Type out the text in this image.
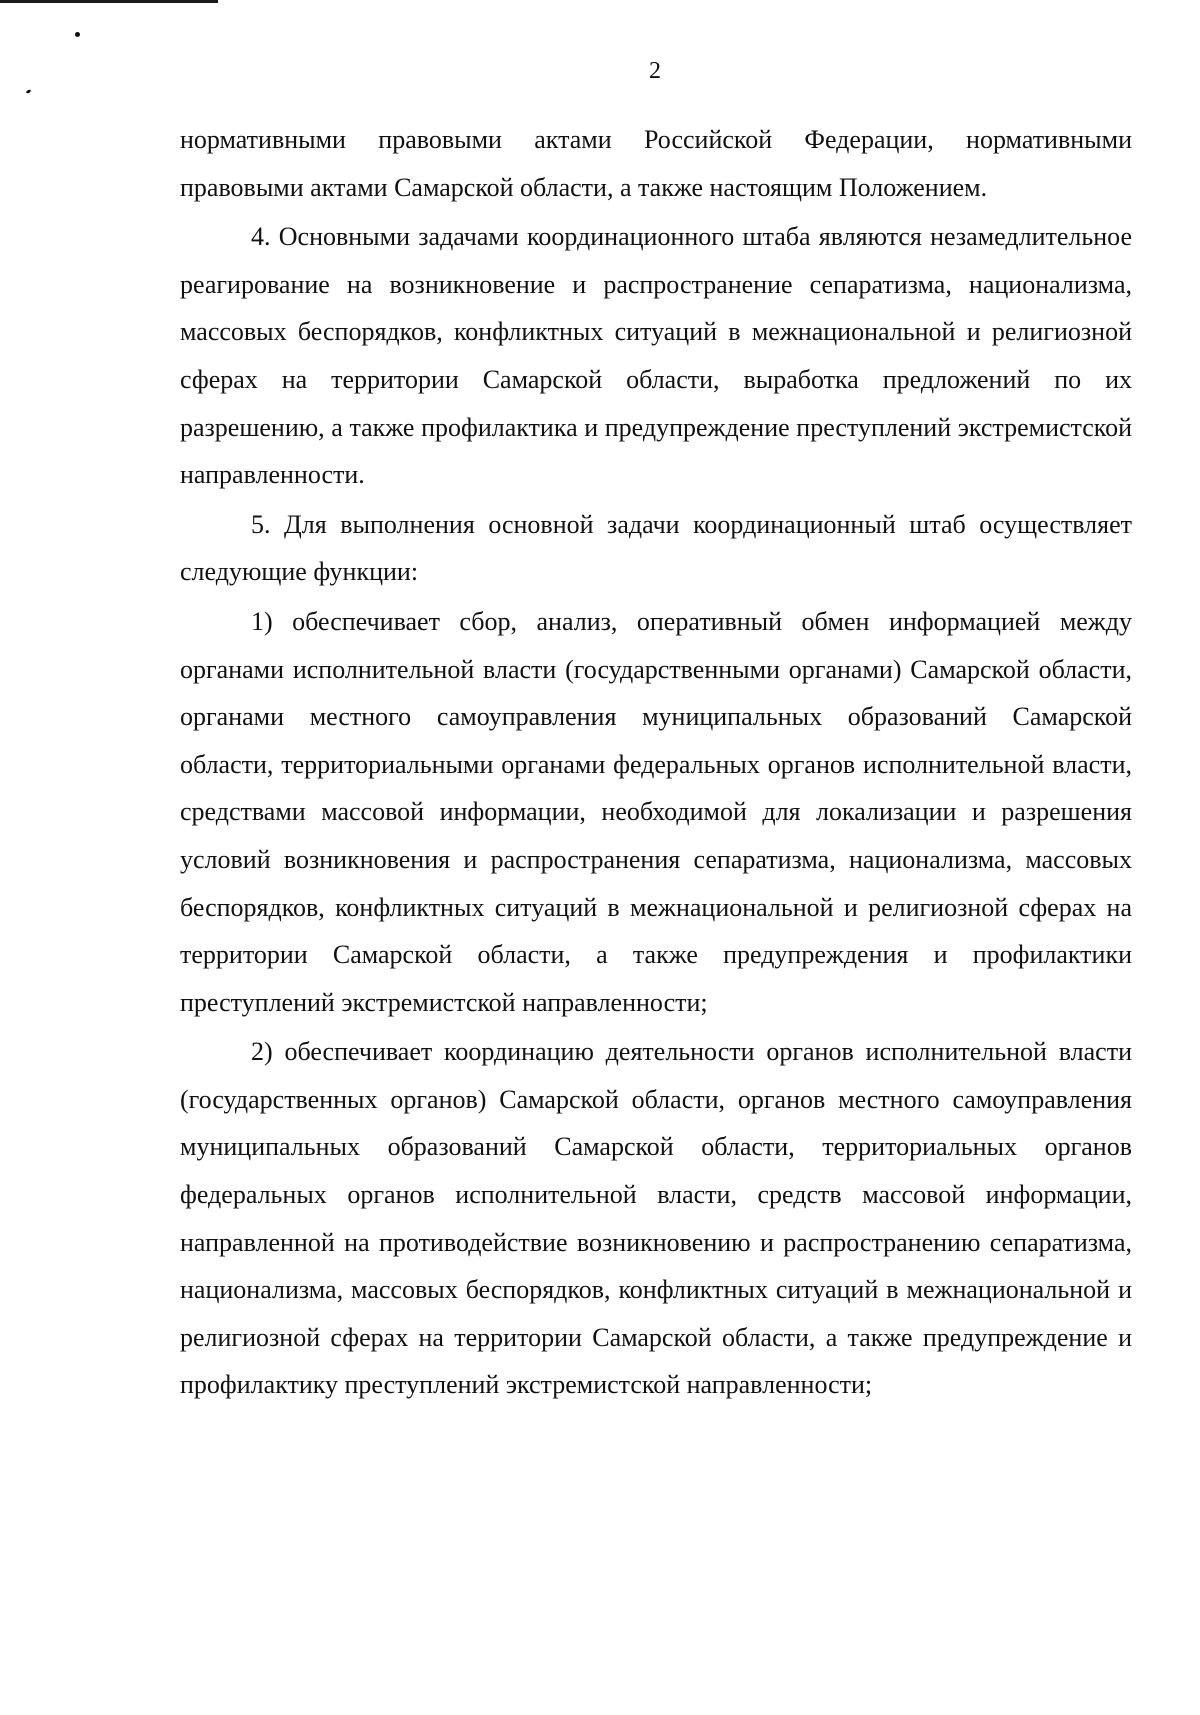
2

нормативными правовыми актами Российской Федерации, нормативными правовыми актами Самарской области, а также настоящим Положением.

4. Основными задачами координационного штаба являются незамедлительное реагирование на возникновение и распространение сепаратизма, национализма, массовых беспорядков, конфликтных ситуаций в межнациональной и религиозной сферах на территории Самарской области, выработка предложений по их разрешению, а также профилактика и предупреждение преступлений экстремистской направленности.

5. Для выполнения основной задачи координационный штаб осуществляет следующие функции:

1) обеспечивает сбор, анализ, оперативный обмен информацией между органами исполнительной власти (государственными органами) Самарской области, органами местного самоуправления муниципальных образований Самарской области, территориальными органами федеральных органов исполнительной власти, средствами массовой информации, необходимой для локализации и разрешения условий возникновения и распространения сепаратизма, национализма, массовых беспорядков, конфликтных ситуаций в межнациональной и религиозной сферах на территории Самарской области, а также предупреждения и профилактики преступлений экстремистской направленности;

2) обеспечивает координацию деятельности органов исполнительной власти (государственных органов) Самарской области, органов местного самоуправления муниципальных образований Самарской области, территориальных органов федеральных органов исполнительной власти, средств массовой информации, направленной на противодействие возникновению и распространению сепаратизма, национализма, массовых беспорядков, конфликтных ситуаций в межнациональной и религиозной сферах на территории Самарской области, а также предупреждение и профилактику преступлений экстремистской направленности;
